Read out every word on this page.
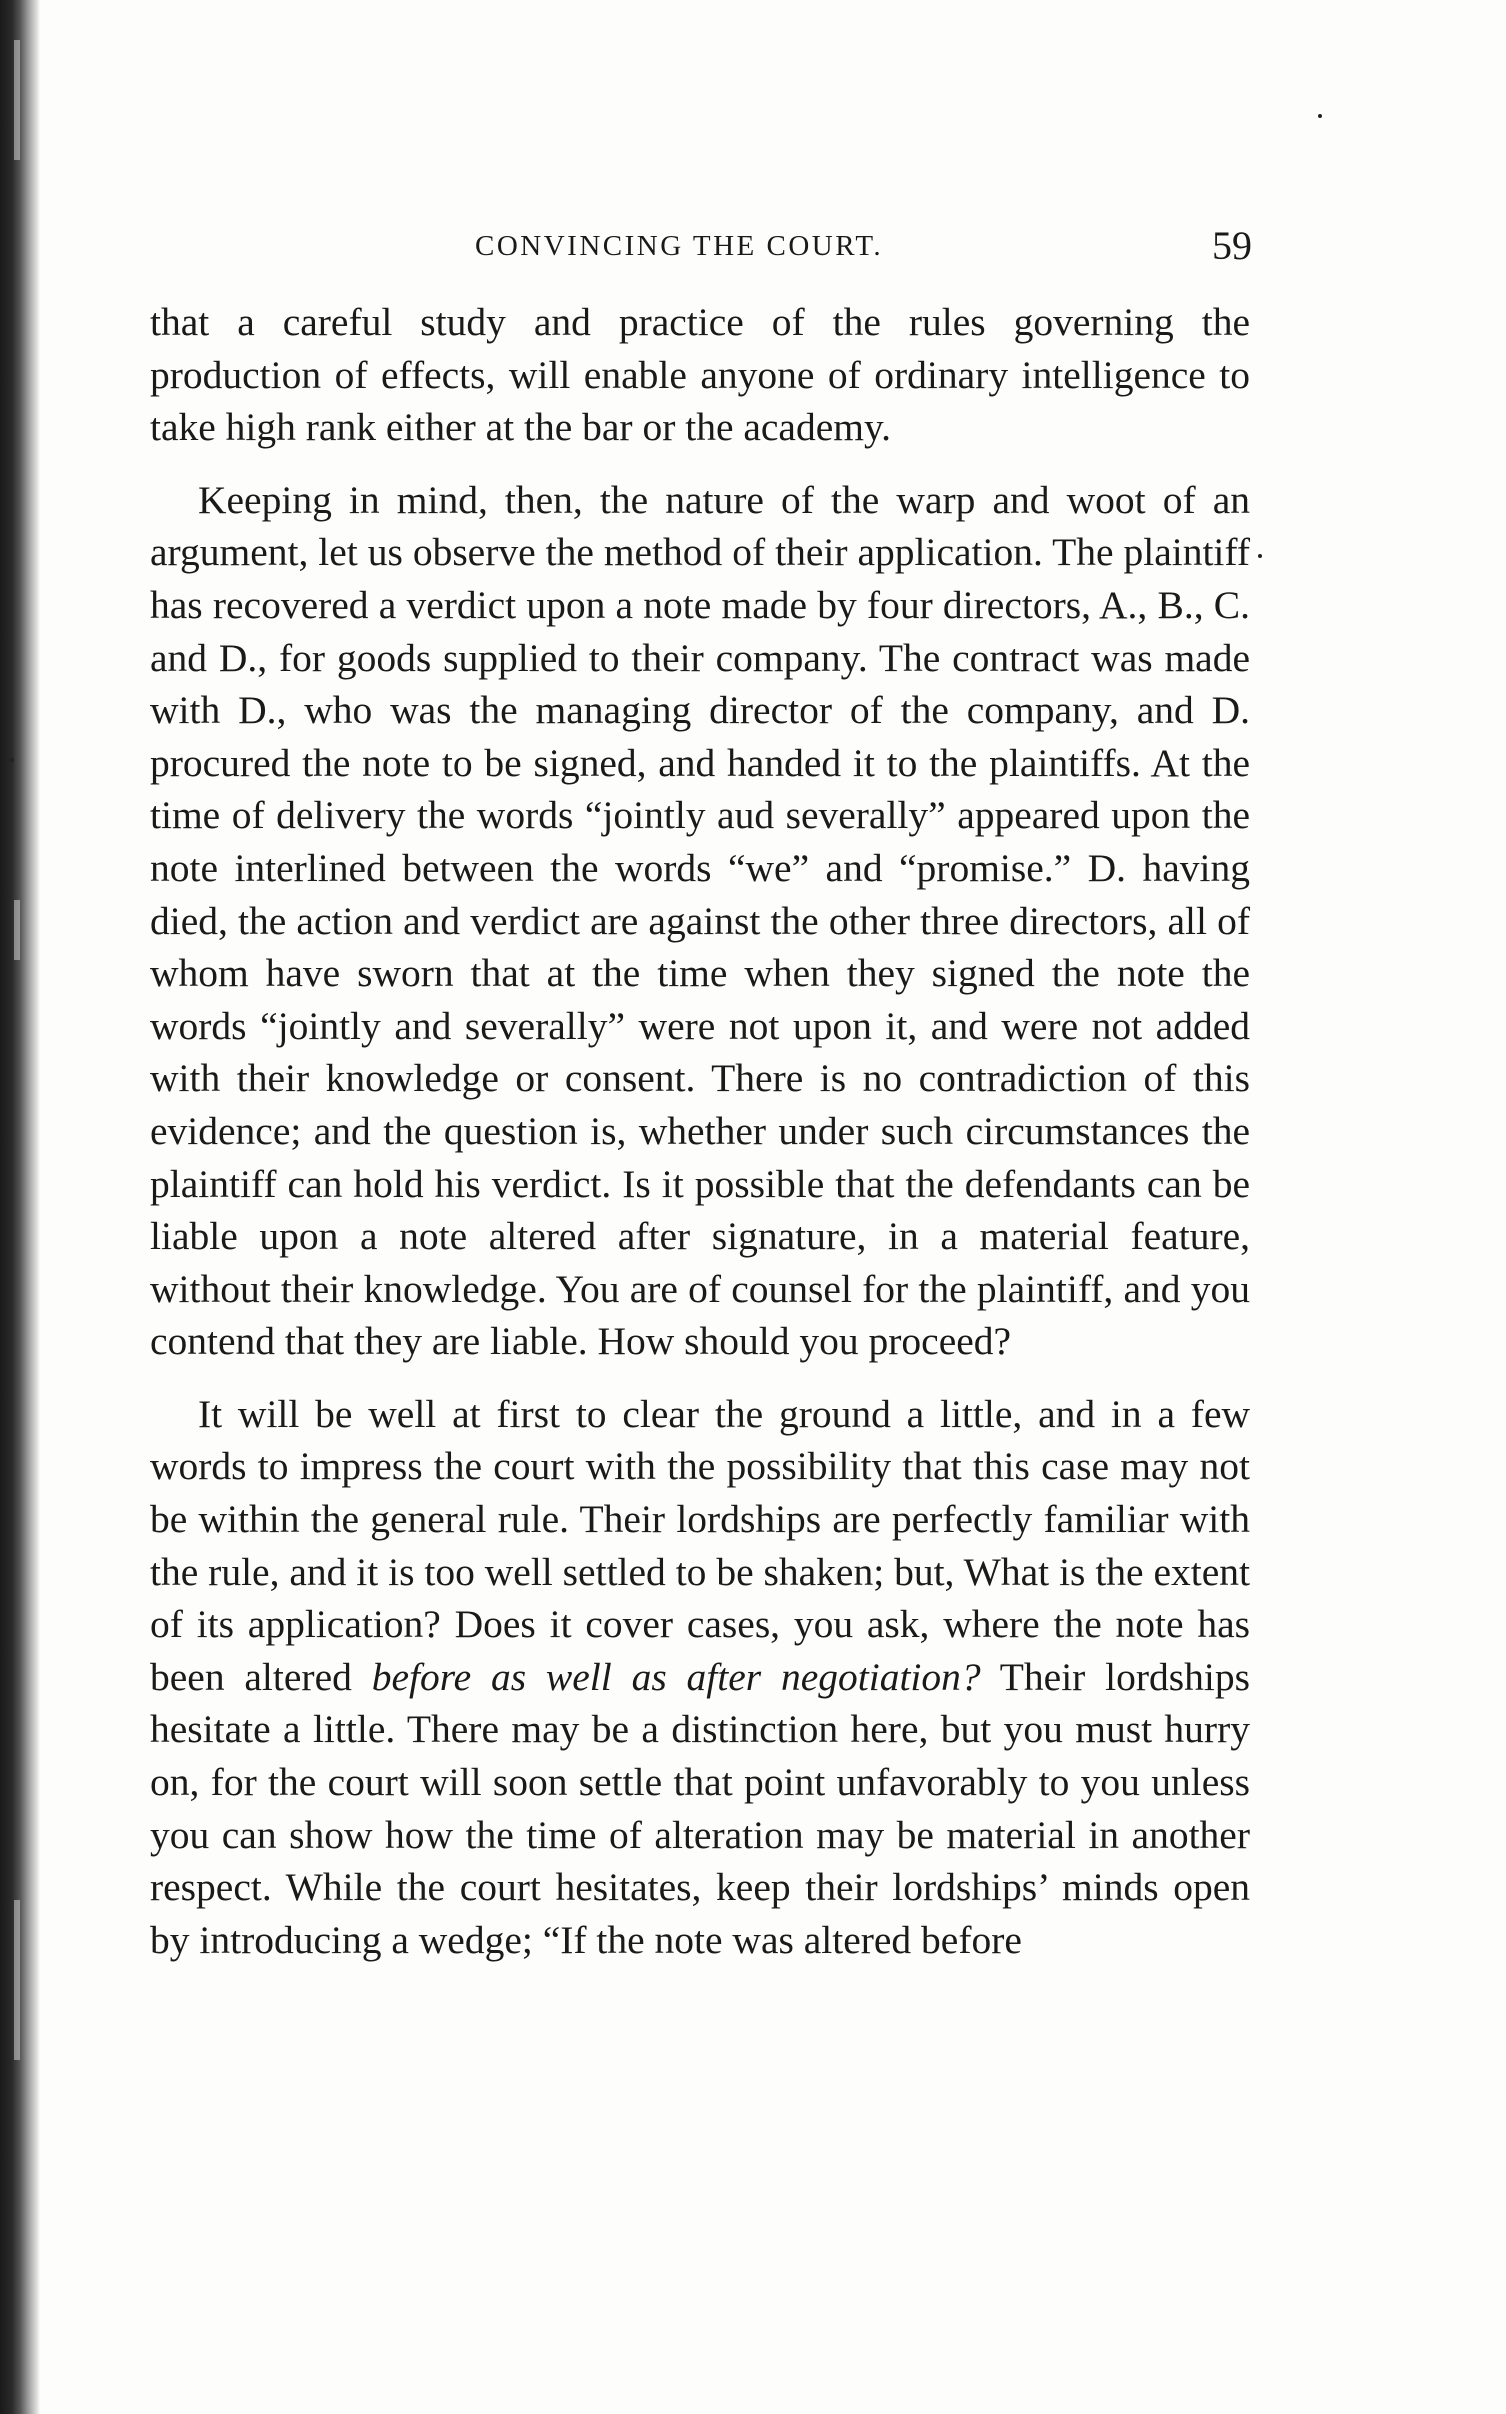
CONVINCING THE COURT.	59

that a careful study and practice of the rules governing the production of effects, will enable anyone of ordinary intelligence to take high rank either at the bar or the academy.

Keeping in mind, then, the nature of the warp and woot of an argument, let us observe the method of their application. The plaintiff has recovered a verdict upon a note made by four directors, A., B., C. and D., for goods supplied to their company. The contract was made with D., who was the managing director of the company, and D. procured the note to be signed, and handed it to the plaintiffs. At the time of delivery the words “jointly aud severally” appeared upon the note interlined between the words “we” and “promise.” D. having died, the action and verdict are against the other three directors, all of whom have sworn that at the time when they signed the note the words “jointly and severally” were not upon it, and were not added with their knowledge or consent. There is no contradiction of this evidence; and the question is, whether under such circumstances the plaintiff can hold his verdict. Is it possible that the defendants can be liable upon a note altered after signature, in a material feature, without their knowledge. You are of counsel for the plaintiff, and you contend that they are liable. How should you proceed?

It will be well at first to clear the ground a little, and in a few words to impress the court with the possibility that this case may not be within the general rule. Their lordships are perfectly familiar with the rule, and it is too well settled to be shaken; but, What is the extent of its application? Does it cover cases, you ask, where the note has been altered before as well as after negotiation? Their lordships hesitate a little. There may be a distinction here, but you must hurry on, for the court will soon settle that point unfavorably to you unless you can show how the time of alteration may be material in another respect. While the court hesitates, keep their lordships’ minds open by introducing a wedge; “If the note was altered before
